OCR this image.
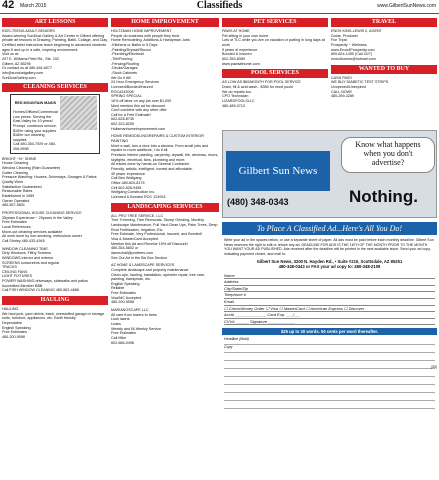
42 March 2015	Classifieds	www.GilbertSunNews.com
ART LESSONS
KIDS-TEENS-ADULT-SENIORS
Award-winning SunDust Gallery & Art Center in Gilbert offering private art lessons in Drawing, Painting, Batik, Collage, and Clay. Certified artist instructors teach beginning to advanced students ages 6 and up in a safe, inspiring environment.
Visit us at:
207 E. Williams Field Rd., Ste. 102
Gilbert, AZ 85295
Or contact us at 480-464-6077
info@sundustgallery.com
SunDustGallery.com
CLEANING SERVICES

RED MOUNTAIN MAIDS

Homes/Offices/Commercial
Low prices. Serving the East Valley for 10 years!
Prompt, courteous service.
$15/hr using your supplies
$18/hr our cleaning supplies
Call 480-354-7929 or 480-206-9998

BRIGHT ~N~ SHINE
House Cleaning
Window Cleaning (Rain Guarantee)
Gutter Cleaning
Pressure Washing: Houses, Driveways, Garages & Patios
Quality Work
Satisfaction Guaranteed
Reasonable Rates
Established in 1989
Owner Operated
480-557-0831
PROFESSIONAL HOUSE CLEANING SERVICE
35years Experience ~ 20years in the Valley
Free Estimates
Local References
Move-out cleaning services available
All work done by non-smoking, meticulous owner
Call Shirley 480-433-4945
WINDOW CLEANING TIME
Dirty Windows, Filthy Screens
WINDOWS interior and exterior
SCREENS sunscreens and regular
TRACKS
CEILING FANS
LIGHT FIXTURES
POWER WASHING driveways, sidewalks and patios
Accredited Member BBB
Call FISH WINDOW CLEANING 480-562-4688
HAULING
HAULING
We haul junk, yard debris, trash, overstuffed garage or storage units, furniture, appliances, etc. Earth friendly
Dependable
English Speaking
Free Estimates
480-200-9598
HOME IMPROVEMENT
HOLTZMAN HOME IMPROVEMENT
People do business with people they trust
Home Remodeling, Additions & Handyman Jobs
-Kitchens or Baths in 5 Days
-Painting/Drywall/Stucco
-Plumbing/Electrical
-Tile/Flooring
-Fencing/Roofing
-Decks/Garages
-Stock Cabinets
We Do it All!
24 Hour Emergency Services
Licensed/Bonded/Insured
ROC#242008
SPRING SPECIAL
10% off labor on any job over $1,000
Must mention this ad for discount
Can't combine with any other offer
Call for a Free Estimate!
602-628-8735
602-323-8255
Holtzmanhomeimprovement.com
HOME REMODELING/REPAIRS & CUSTOM INTERIOR PAINTING
More a wall, turn a door into a window. From small jobs and repairs to room additions, I do it all.
Precision interior painting, carpentry, drywall, tile, windows, doors, skylights, electrical, fans, plumbing and more.
All trades done by hands-on General Contractor
Friendly, artistic, intelligent, honest and affordable.
40 years' experience.
Call Ben Wolfgang
Office 480-820-8175
Cell 602-628-9455
Wolfgang Construction Inc.
Licensed & Bonded ROC 124934
LANDSCAPING SERVICES
ALL PRO TREE SERVICE, LLC
Tree Trimming, Tree Removals, Stump Grinding, Monthly Landscape Maintenance, Full Yard Clean Ups, Palm Trees, Deep Root Fertilization, Irrigation, Etc.
Free Estimate, Very Professional, Insured, and Bonded!
Visa & MasterCard Accepted
Mention this Ad and Receive 15% off Discount!
480-354-5802 or
danmchall@protrees.com
See Our Ad in the Biz Box Section
AZ HOME & LANDSCAPE SERVICES
Complete landscape and property maintenance
Clean-ups, hauling, installation, sprinkler repair, tree care, painting, handyman, etc.
English Speaking
Reliable
Free Estimates
Visa/MC Accepted
480-200-9598
MARIANOSCAPE LLC
All care from towers to trees
Lush lawns
Leaks
Weekly and Bi-Weekly Service
Free Estimates
Call Mike
602-686-0498
PET SERVICES
PAWS AT HOME
Pet sitting in your own home
Lots of TLC while you are on vacation or putting in long days at work
9 years of experience
Bonded & Insured
602-359-8389
www.pawsathome.com
POOL SERVICES
AS LOW AS $60/MONTH FOR POOL SERVICE
Drain, fill & acid wash - $350 for most pools
We do repairs too.
CPO Technician
LIZARDPOOLSLLC
480-489-0713
TRAVEL
ENOS KING-LEWIS II, AGENT
Guide, Producer
Fun Trips!
Prosperity ~ Wellness
www.Enos4Prosperity.com
800-824-1450 (Call 24/7)
enos4homes@hotmail.com
WANTED TO BUY
CASH PAID!
WE BUY DIABETIC TEST STRIPS.
Unopened/Unexpired
CALL NOW!!
480-269-3289
Gilbert Sun News
(480) 348-0343
Know what happens
when you don't
advertise?
Nothing.
To Place A Classified Ad...Here's All You Do!
Write your ad in the spaces below, or use a separate sheet of paper. All ads must be paid before each monthly deadline. Gilbert Sun News reserves the right to edit or refuse any ad. DEADLINE FOR ADS IS THE 16TH OF THE MONTH PRIOR TO THE MONTH YOU WANT YOUR AD PUBLISHED. Ads received after the deadline will be printed in the next available issue. Send your ad copy, indicating payment choice, and mail to:
Gilbert Sun News, 3200 N. Hayden Rd., • Suite #210, Scottsdale, AZ 85251
480-348-0343 or FAX your ad copy to: 480-348-2109
Name
Address
City/State/Zip
Telephone #
Email
☐ Check/Money Order ☐ Visa ☐ MasterCard ☐ American Express ☐ Discover
Acct# ______________ Card Exp. ___/___
CVV# ______ Signature ____________
$25 up to 30 words. 50 cents per word thereafter.
Headline (Bold)
Copy
(30)
